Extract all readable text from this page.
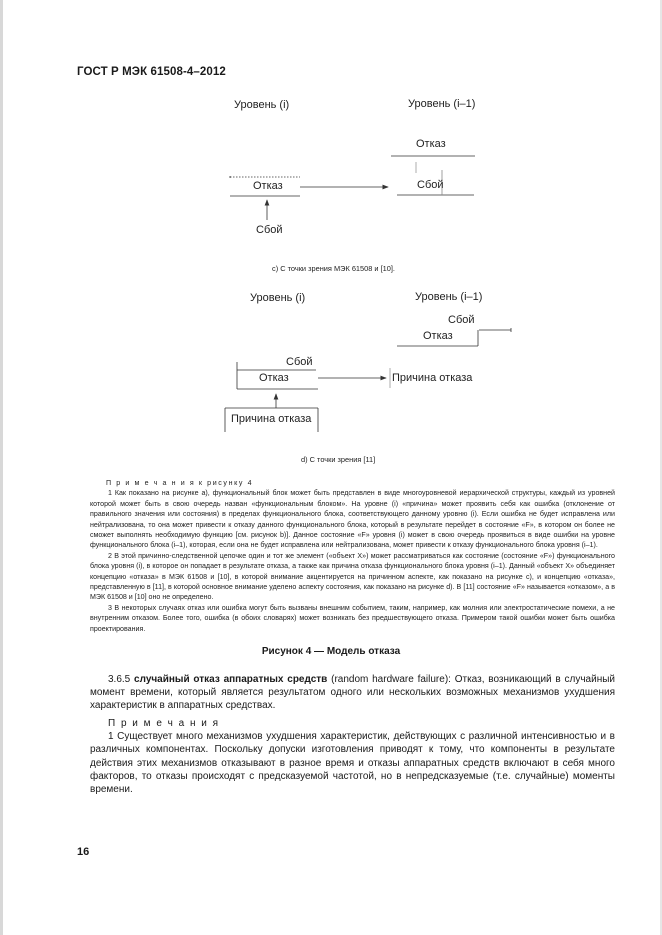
ГОСТ Р МЭК 61508-4–2012
Уровень (i)	Уровень (i–1)
Отказ
Отказ	Сбой
Сбой
c) С точки зрения МЭК 61508 и [10].
Уровень (i)	Уровень (i–1)
Сбой
Отказ
Сбой
Отказ	Причина отказа
Причина отказа
d) С точки зрения [11]

П р и м е ч а н и я к рисунку 4

1 Как показано на рисунке а), функциональный блок может быть представлен в виде многоуровневой иерархической структуры, каждый из уровней которой может быть в свою очередь назван «функциональным блоком». На уровне (i) «причина» может проявить себя как ошибка (отклонение от правильного значения или состояния) в пределах функционального блока, соответствующего данному уровню (i). Если ошибка не будет исправлена или нейтрализована, то она может привести к отказу данного функционального блока, который в результате перейдет в состояние «F», в котором он более не сможет выполнять необходимую функцию [см. рисунок b)]. Данное состояние «F» уровня (i) может в свою очередь проявиться в виде ошибки на уровне функционального блока (i–1), которая, если она не будет исправлена или нейтрализована, может привести к отказу функционального блока уровня (i–1).

2 В этой причинно-следственной цепочке один и тот же элемент («объект X») может рассматриваться как состояние (состояние «F») функционального блока уровня (i), в которое он попадает в результате отказа, а также как причина отказа функционального блока уровня (i–1). Данный «объект X» объединяет концепцию «отказа» в МЭК 61508 и [10], в которой внимание акцентируется на причинном аспекте, как показано на рисунке c), и концепцию «отказа», представленную в [11], в которой основное внимание уделено аспекту состояния, как показано на рисунке d). В [11] состояние «F» называется «отказом», а в МЭК 61508 и [10] оно не определено.

3 В некоторых случаях отказ или ошибка могут быть вызваны внешним событием, таким, например, как молния или электростатические помехи, а не внутренним отказом. Более того, ошибка (в обоих словарях) может возникать без предшествующего отказа. Примером такой ошибки может быть ошибка проектирования.

Рисунок 4 — Модель отказа

3.6.5 случайный отказ аппаратных средств (random hardware failure): Отказ, возникающий в случайный момент времени, который является результатом одного или нескольких возможных механизмов ухудшения характеристик в аппаратных средствах.

П р и м е ч а н и я

1 Существует много механизмов ухудшения характеристик, действующих с различной интенсивностью и в различных компонентах. Поскольку допуски изготовления приводят к тому, что компоненты в результате действия этих механизмов отказывают в разное время и отказы аппаратных средств включают в себя много факторов, то отказы происходят с предсказуемой частотой, но в непредсказуемые (т.е. случайные) моменты времени.

16
